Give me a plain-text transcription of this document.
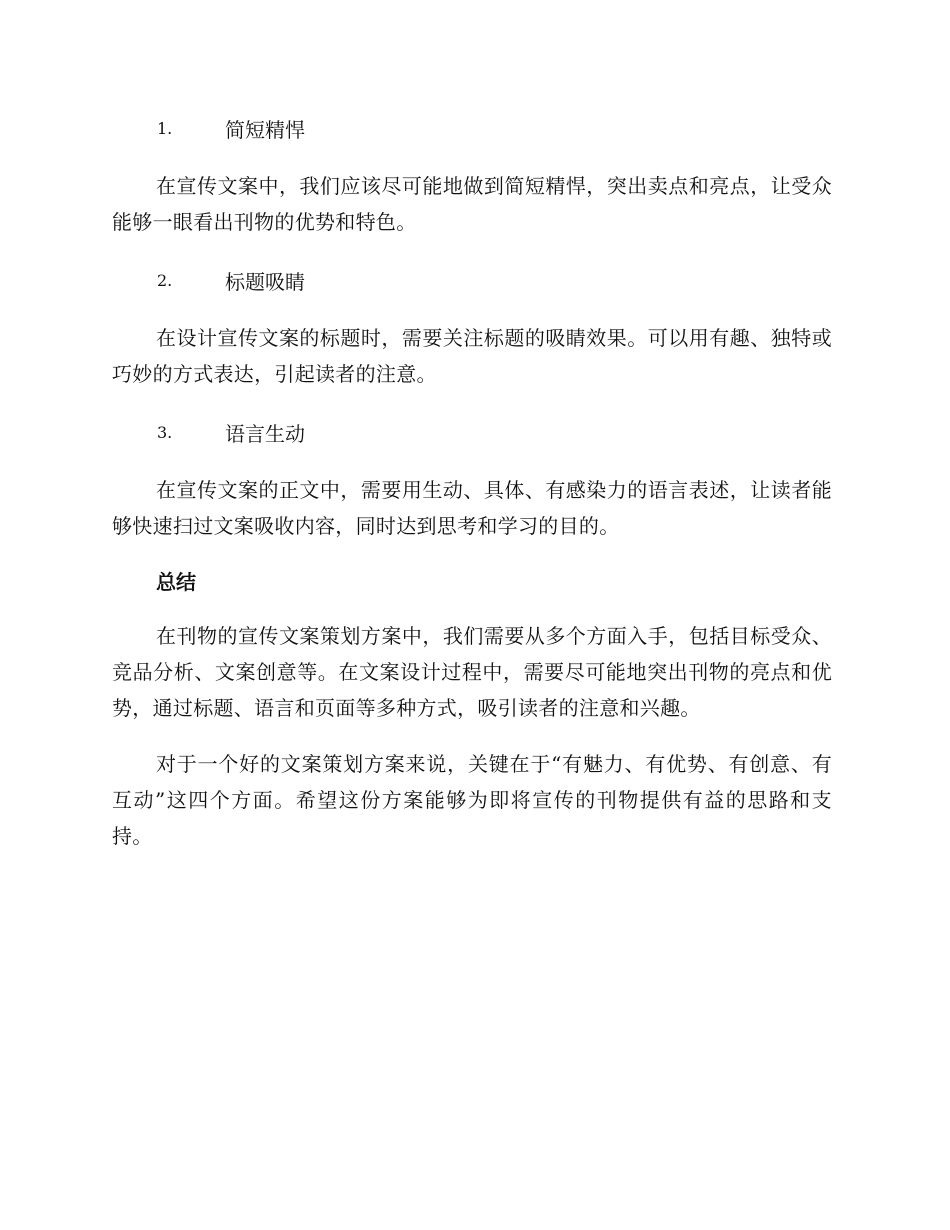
1.	简短精悍

在宣传文案中，我们应该尽可能地做到简短精悍，突出卖点和亮点，让受众能够一眼看出刊物的优势和特色。

2.	标题吸睛

在设计宣传文案的标题时，需要关注标题的吸睛效果。可以用有趣、独特或巧妙的方式表达，引起读者的注意。

3.	语言生动

在宣传文案的正文中，需要用生动、具体、有感染力的语言表述，让读者能够快速扫过文案吸收内容，同时达到思考和学习的目的。

总结

在刊物的宣传文案策划方案中，我们需要从多个方面入手，包括目标受众、竞品分析、文案创意等。在文案设计过程中，需要尽可能地突出刊物的亮点和优势，通过标题、语言和页面等多种方式，吸引读者的注意和兴趣。

对于一个好的文案策划方案来说，关键在于“有魅力、有优势、有创意、有互动”这四个方面。希望这份方案能够为即将宣传的刊物提供有益的思路和支持。
